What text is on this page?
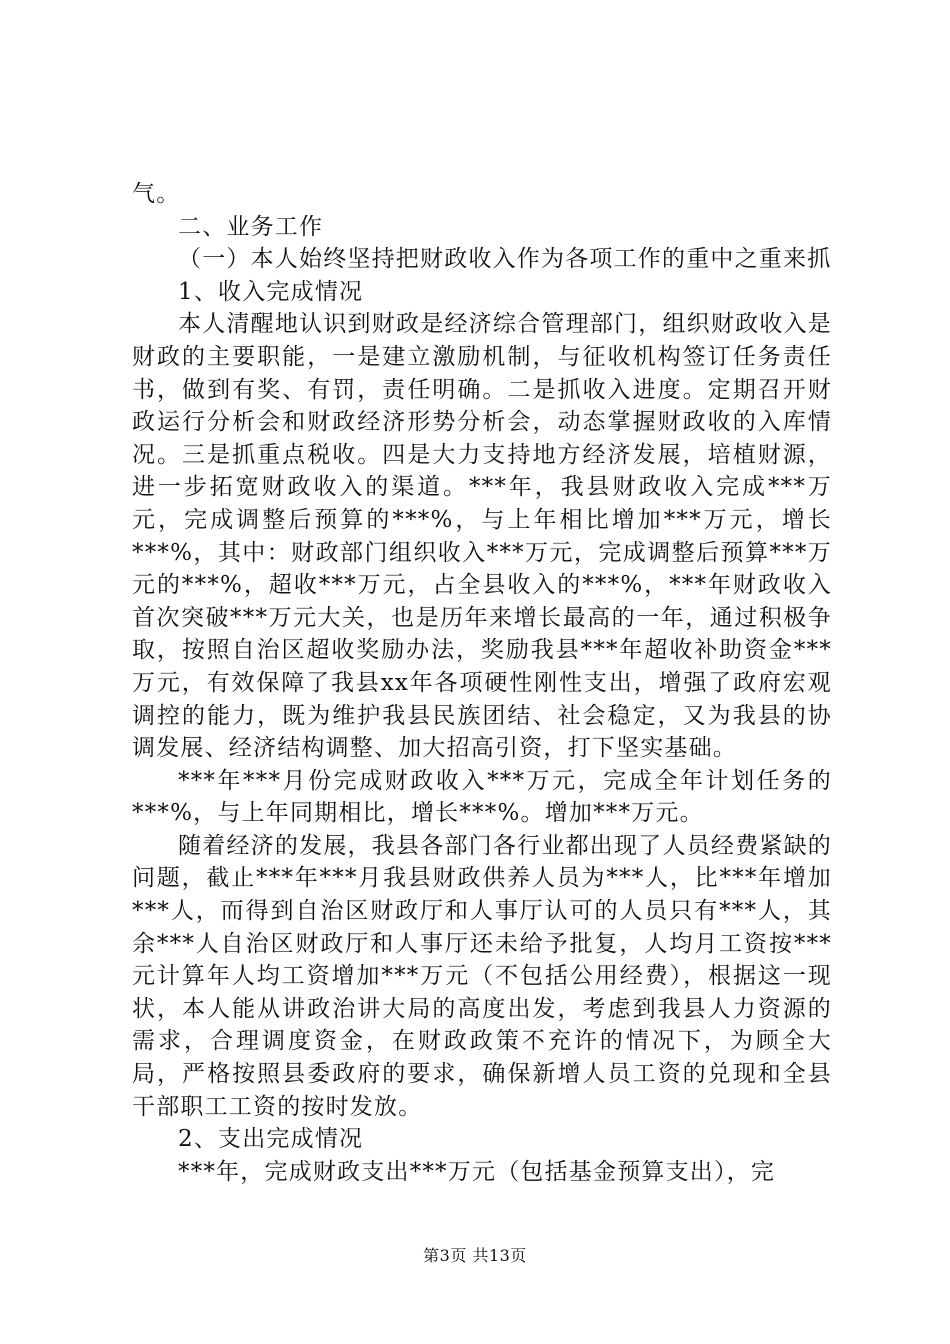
气。

二、业务工作

（一）本人始终坚持把财政收入作为各项工作的重中之重来抓

1、收入完成情况

本人清醒地认识到财政是经济综合管理部门，组织财政收入是财政的主要职能，一是建立激励机制，与征收机构签订任务责任书，做到有奖、有罚，责任明确。二是抓收入进度。定期召开财政运行分析会和财政经济形势分析会，动态掌握财政收的入库情况。三是抓重点税收。四是大力支持地方经济发展，培植财源，进一步拓宽财政收入的渠道。***年，我县财政收入完成***万元，完成调整后预算的***%，与上年相比增加***万元，增长***%，其中：财政部门组织收入***万元，完成调整后预算***万元的***%，超收***万元，占全县收入的***%，***年财政收入首次突破***万元大关，也是历年来增长最高的一年，通过积极争取，按照自治区超收奖励办法，奖励我县***年超收补助资金***万元，有效保障了我县xx年各项硬性刚性支出，增强了政府宏观调控的能力，既为维护我县民族团结、社会稳定，又为我县的协调发展、经济结构调整、加大招高引资，打下坚实基础。

***年***月份完成财政收入***万元，完成全年计划任务的***%，与上年同期相比，增长***%。增加***万元。

随着经济的发展，我县各部门各行业都出现了人员经费紧缺的问题，截止***年***月我县财政供养人员为***人，比***年增加***人，而得到自治区财政厅和人事厅认可的人员只有***人，其余***人自治区财政厅和人事厅还未给予批复，人均月工资按***元计算年人均工资增加***万元（不包括公用经费），根据这一现状，本人能从讲政治讲大局的高度出发，考虑到我县人力资源的需求，合理调度资金，在财政政策不充许的情况下，为顾全大局，严格按照县委政府的要求，确保新增人员工资的兑现和全县干部职工工资的按时发放。

2、支出完成情况

***年，完成财政支出***万元（包括基金预算支出），完

第3页 共13页
